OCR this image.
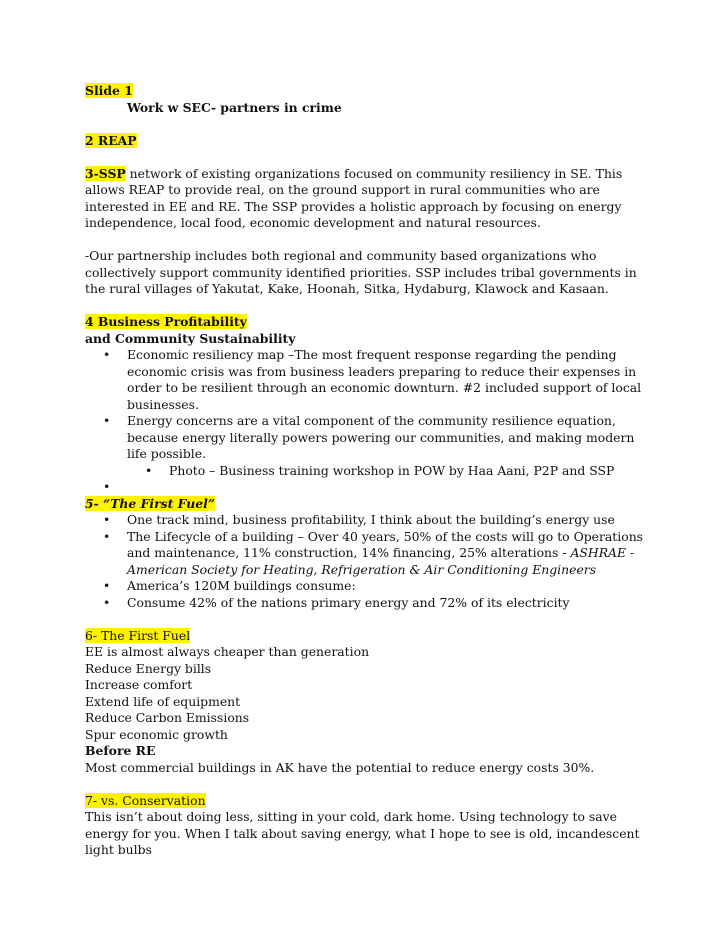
Slide 1
Work w SEC- partners in crime
2 REAP
3-SSP network of existing organizations focused on community resiliency in SE. This allows REAP to provide real, on the ground support in rural communities who are interested in EE and RE. The SSP provides a holistic approach by focusing on energy independence, local food, economic development and natural resources.
-Our partnership includes both regional and community based organizations who collectively support community identified priorities. SSP includes tribal governments in the rural villages of Yakutat, Kake, Hoonah, Sitka, Hydaburg, Klawock and Kasaan.
4 Business Profitability
and Community Sustainability
• Economic resiliency map –The most frequent response regarding the pending economic crisis was from business leaders preparing to reduce their expenses in order to be resilient through an economic downturn. #2 included support of local businesses.
• Energy concerns are a vital component of the community resilience equation, because energy literally powers powering our communities, and making modern life possible.
• Photo – Business training workshop in POW by Haa Aani, P2P and SSP
•
5- “The First Fuel”
• One track mind, business profitability, I think about the building’s energy use
• The Lifecycle of a building – Over 40 years, 50% of the costs will go to Operations and maintenance, 11% construction, 14% financing, 25% alterations - ASHRAE - American Society for Heating, Refrigeration & Air Conditioning Engineers
• America’s 120M buildings consume:
• Consume 42% of the nations primary energy and 72% of its electricity
6- The First Fuel
EE is almost always cheaper than generation
Reduce Energy bills
Increase comfort
Extend life of equipment
Reduce Carbon Emissions
Spur economic growth
Before RE
Most commercial buildings in AK have the potential to reduce energy costs 30%.
7- vs. Conservation
This isn’t about doing less, sitting in your cold, dark home. Using technology to save energy for you. When I talk about saving energy, what I hope to see is old, incandescent light bulbs
